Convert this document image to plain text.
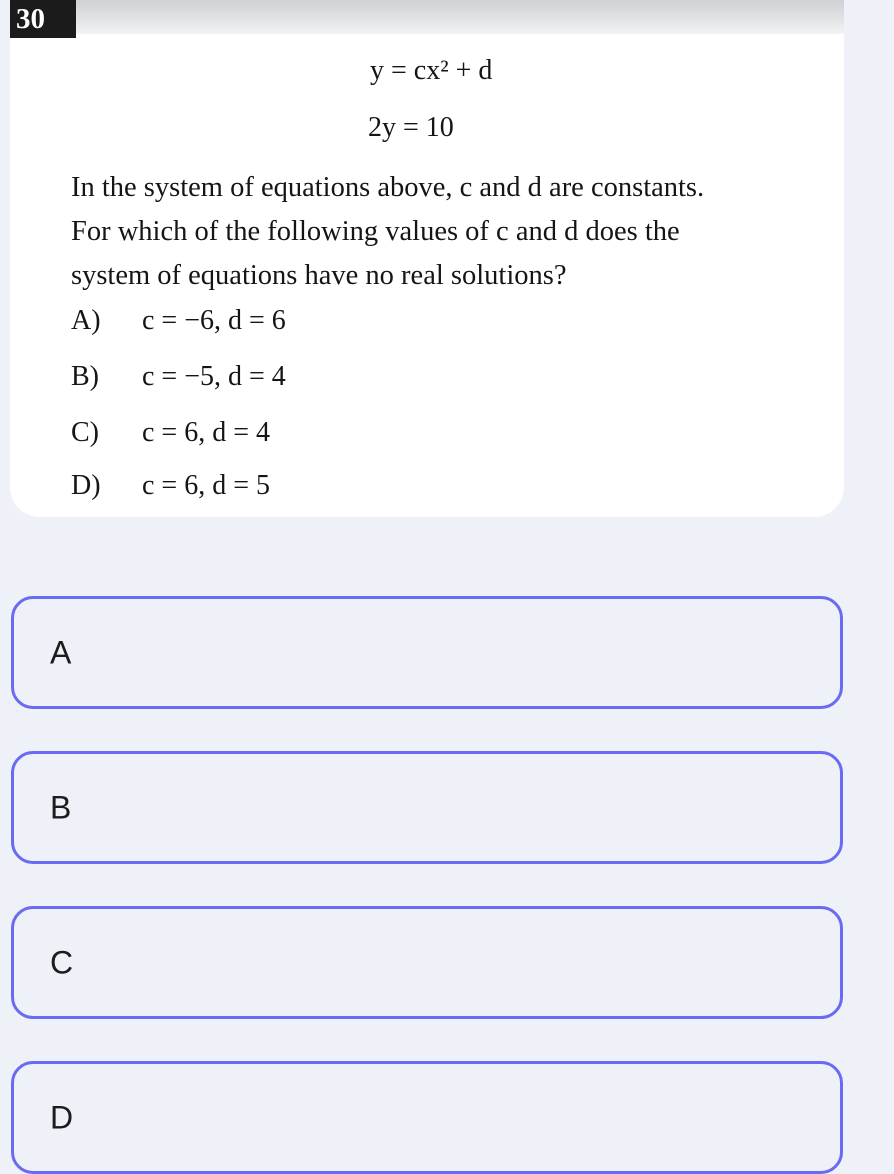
30
y = cx² + d
2y = 10

In the system of equations above, c and d are constants.

For which of the following values of c and d does the

system of equations have no real solutions?

A) c = −6, d = 6
B) c = −5, d = 4
C) c = 6, d = 4
D) c = 6, d = 5
A
B
C
D
